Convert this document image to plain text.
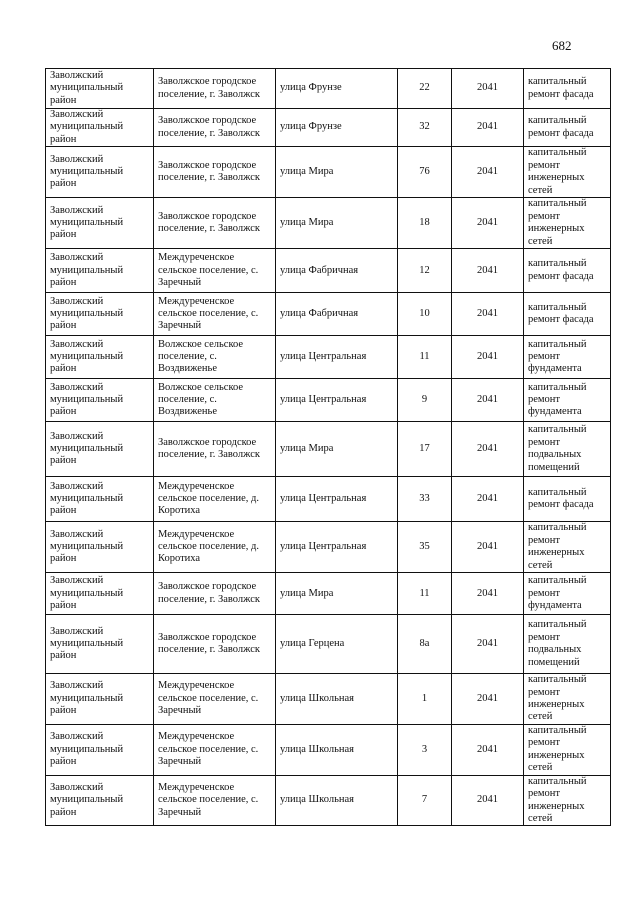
682
Заволжский муниципальный район	Заволжское городское поселение, г. Заволжск	улица Фрунзе	22	2041	капитальный ремонт фасада
Заволжский муниципальный район	Заволжское городское поселение, г. Заволжск	улица Фрунзе	32	2041	капитальный ремонт фасада
Заволжский муниципальный район	Заволжское городское поселение, г. Заволжск	улица Мира	76	2041	капитальный ремонт инженерных сетей
Заволжский муниципальный район	Заволжское городское поселение, г. Заволжск	улица Мира	18	2041	капитальный ремонт инженерных сетей
Заволжский муниципальный район	Междуреченское сельское поселение, с. Заречный	улица Фабричная	12	2041	капитальный ремонт фасада
Заволжский муниципальный район	Междуреченское сельское поселение, с. Заречный	улица Фабричная	10	2041	капитальный ремонт фасада
Заволжский муниципальный район	Волжское сельское поселение, с. Воздвиженье	улица Центральная	11	2041	капитальный ремонт фундамента
Заволжский муниципальный район	Волжское сельское поселение, с. Воздвиженье	улица Центральная	9	2041	капитальный ремонт фундамента
Заволжский муниципальный район	Заволжское городское поселение, г. Заволжск	улица Мира	17	2041	капитальный ремонт подвальных помещений
Заволжский муниципальный район	Междуреченское сельское поселение, д. Коротиха	улица Центральная	33	2041	капитальный ремонт фасада
Заволжский муниципальный район	Междуреченское сельское поселение, д. Коротиха	улица Центральная	35	2041	капитальный ремонт инженерных сетей
Заволжский муниципальный район	Заволжское городское поселение, г. Заволжск	улица Мира	11	2041	капитальный ремонт фундамента
Заволжский муниципальный район	Заволжское городское поселение, г. Заволжск	улица Герцена	8а	2041	капитальный ремонт подвальных помещений
Заволжский муниципальный район	Междуреченское сельское поселение, с. Заречный	улица Школьная	1	2041	капитальный ремонт инженерных сетей
Заволжский муниципальный район	Междуреченское сельское поселение, с. Заречный	улица Школьная	3	2041	капитальный ремонт инженерных сетей
Заволжский муниципальный район	Междуреченское сельское поселение, с. Заречный	улица Школьная	7	2041	капитальный ремонт инженерных сетей
